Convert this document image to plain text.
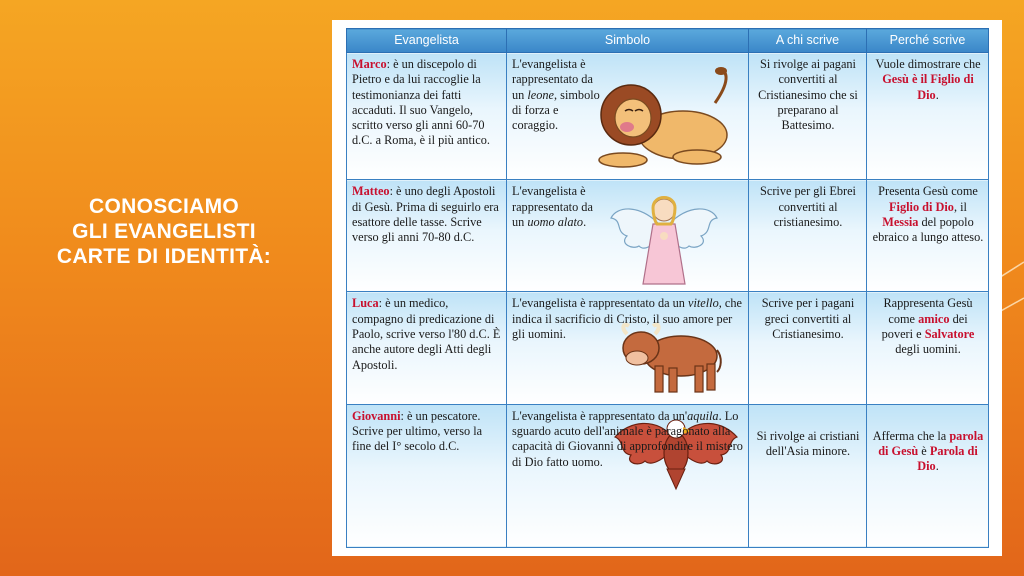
CONOSCIAMO
GLI EVANGELISTI
CARTE DI IDENTITÀ:
Evangelista	Simbolo	A chi scrive	Perché scrive
Marco: è un discepolo di Pietro e da lui raccoglie la testimonianza dei fatti accaduti. Il suo Vangelo, scritto verso gli anni 60-70 d.C. a Roma, è il più antico.	L'evangelista è rappresentato da un leone, simbolo di forza e coraggio.	Si rivolge ai pagani convertiti al Cristianesimo che si preparano al Battesimo.	Vuole dimostrare che Gesù è il Figlio di Dio.
Matteo: è uno degli Apostoli di Gesù. Prima di seguirlo era esattore delle tasse. Scrive verso gli anni 70-80 d.C.	L'evangelista è rappresentato da un uomo alato.	Scrive per gli Ebrei convertiti al cristianesimo.	Presenta Gesù come Figlio di Dio, il Messia del popolo ebraico a lungo atteso.
Luca: è un medico, compagno di predicazione di Paolo, scrive verso l'80 d.C. È anche autore degli Atti degli Apostoli.	L'evangelista è rappresentato da un vitello, che indica il sacrificio di Cristo, il suo amore per gli uomini.	Scrive per i pagani greci convertiti al Cristianesimo.	Rappresenta Gesù come amico dei poveri e Salvatore degli uomini.
Giovanni: è un pescatore. Scrive per ultimo, verso la fine del I° secolo d.C.	L'evangelista è rappresentato da un'aquila. Lo sguardo acuto dell'animale è paragonato alla capacità di Giovanni di approfondire il mistero di Dio fatto uomo.	Si rivolge ai cristiani dell'Asia minore.	Afferma che la parola di Gesù è Parola di Dio.
